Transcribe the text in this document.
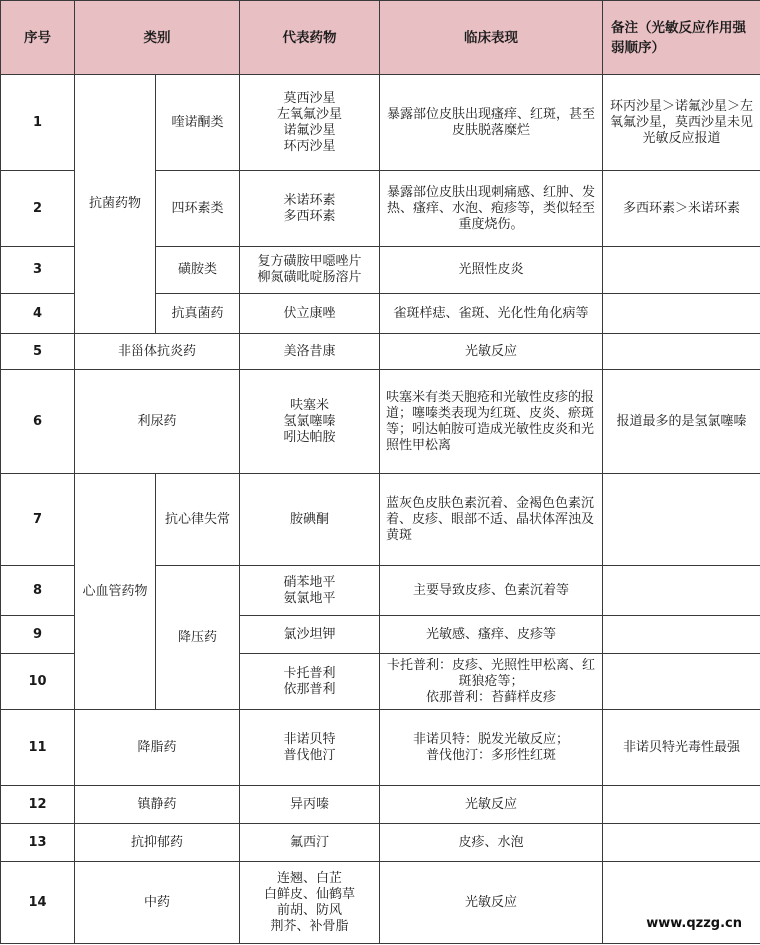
序号	类别		代表药物	临床表现	备注（光敏反应作用强弱顺序）
1	抗菌药物	喹诺酮类	莫西沙星
左氧氟沙星
诺氟沙星
环丙沙星	暴露部位皮肤出现瘙痒、红斑，甚至皮肤脱落糜烂	环丙沙星＞诺氟沙星＞左氧氟沙星，莫西沙星未见光敏反应报道
2		四环素类	米诺环素
多西环素	暴露部位皮肤出现刺痛感、红肿、发热、瘙痒、水泡、疱疹等，类似轻至重度烧伤。	多西环素＞米诺环素
3		磺胺类	复方磺胺甲噁唑片
柳氮磺吡啶肠溶片	光照性皮炎	
4		抗真菌药	伏立康唑	雀斑样痣、雀斑、光化性角化病等	
5	非甾体抗炎药		美洛昔康	光敏反应	
6	利尿药		呋塞米
氢氯噻嗪
吲达帕胺	呋塞米有类天胞疮和光敏性皮疹的报道；噻嗪类表现为红斑、皮炎、瘀斑等；吲达帕胺可造成光敏性皮炎和光照性甲松离	报道最多的是氢氯噻嗪
7	心血管药物	抗心律失常	胺碘酮	蓝灰色皮肤色素沉着、金褐色色素沉着、皮疹、眼部不适、晶状体浑浊及黄斑	
8		降压药	硝苯地平
氨氯地平	主要导致皮疹、色素沉着等	
9			氯沙坦钾	光敏感、瘙痒、皮疹等	
10			卡托普利
依那普利	卡托普利：皮疹、光照性甲松离、红斑狼疮等；
依那普利：苔藓样皮疹	
11	降脂药		非诺贝特
普伐他汀	非诺贝特：脱发光敏反应；
普伐他汀：多形性红斑	非诺贝特光毒性最强
12	镇静药		异丙嗪	光敏反应	
13	抗抑郁药		氟西汀	皮疹、水泡	
14	中药		连翘、白芷
白鲜皮、仙鹤草
前胡、防风
荆芥、补骨脂	光敏反应	
www.qzzg.cn
